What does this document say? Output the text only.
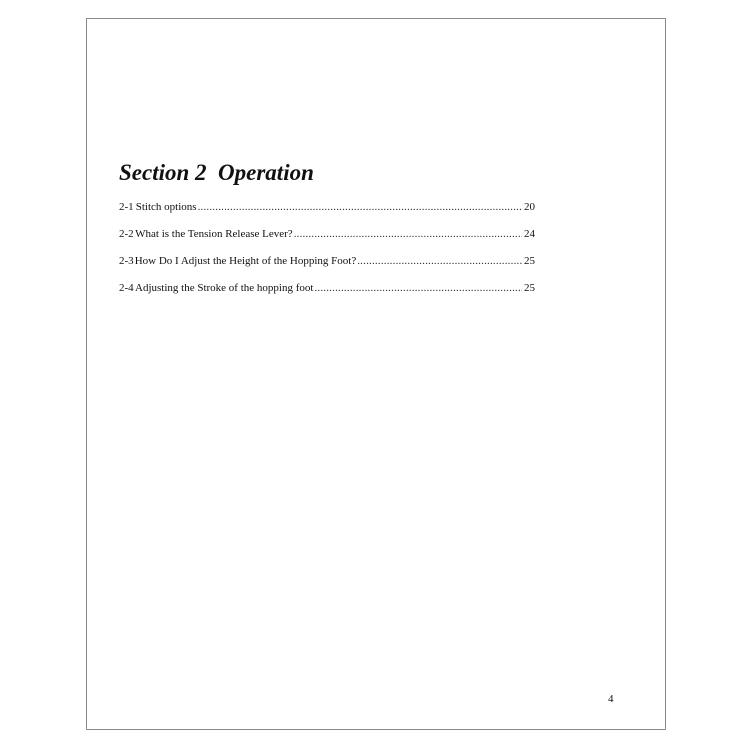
Section 2  Operation
2-1 Stitch options .....	20
2-2 What is the Tension Release Lever? .....	24
2-3 How Do I Adjust the Height of the Hopping Foot? .....	25
2-4 Adjusting the Stroke of the hopping foot .....	25
4
